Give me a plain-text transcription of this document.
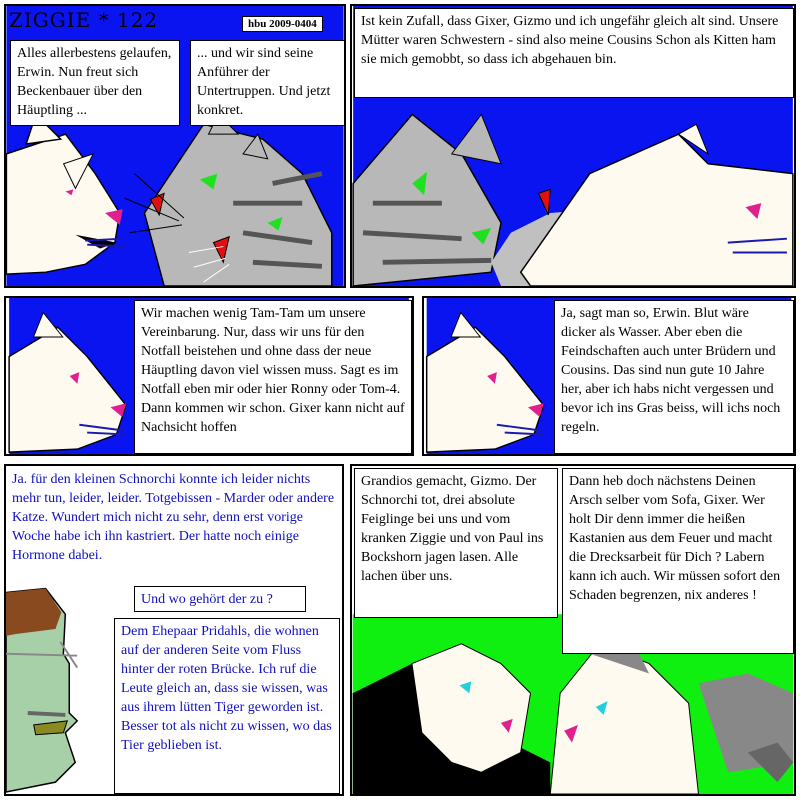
ZIGGIE * 122	hbu 2009-0404
Alles allerbestens gelaufen, Erwin. Nun freut sich Beckenbauer über den Häuptling ...
... und wir sind seine Anführer der Untertruppen. Und jetzt konkret.
Ist kein Zufall, dass Gixer, Gizmo und ich ungefähr gleich alt sind. Unsere Mütter waren Schwestern - sind also meine Cousins Schon als Kitten ham sie mich gemobbt, so dass ich abgehauen bin.
Wir machen wenig Tam-Tam um unsere Vereinbarung. Nur, dass wir uns für den Notfall beistehen und ohne dass der neue Häuptling davon viel wissen muss. Sagt es im Notfall eben mir oder hier Ronny oder Tom-4. Dann kommen wir schon. Gixer kann nicht auf Nachsicht hoffen
Ja, sagt man so, Erwin. Blut wäre dicker als Wasser. Aber eben die Feindschaften auch unter Brüdern und Cousins. Das sind nun gute 10 Jahre her, aber ich habs nicht vergessen und bevor ich ins Gras beiss, will ichs noch regeln.
Ja. für den kleinen Schnorchi konnte ich leider nichts mehr tun, leider, leider. Totgebissen - Marder oder andere Katze. Wundert mich nicht zu sehr, denn erst vorige Woche habe ich ihn kastriert. Der hatte noch einige Hormone dabei.
Und wo gehört der zu ?
Dem Ehepaar Pridahls, die wohnen auf der anderen Seite vom Fluss hinter der roten Brücke. Ich ruf die Leute gleich an, dass sie wissen, was aus ihrem lütten Tiger geworden ist. Besser tot als nicht zu wissen, wo das Tier geblieben ist.
Grandios gemacht, Gizmo. Der Schnorchi tot, drei absolute Feiglinge bei uns und vom kranken Ziggie und von Paul ins Bockshorn jagen lasen. Alle lachen über uns.
Dann heb doch nächstens Deinen Arsch selber vom Sofa, Gixer. Wer holt Dir denn immer die heißen Kastanien aus dem Feuer und macht die Drecksarbeit für Dich ? Labern kann ich auch. Wir müssen sofort den Schaden begrenzen, nix anderes !
